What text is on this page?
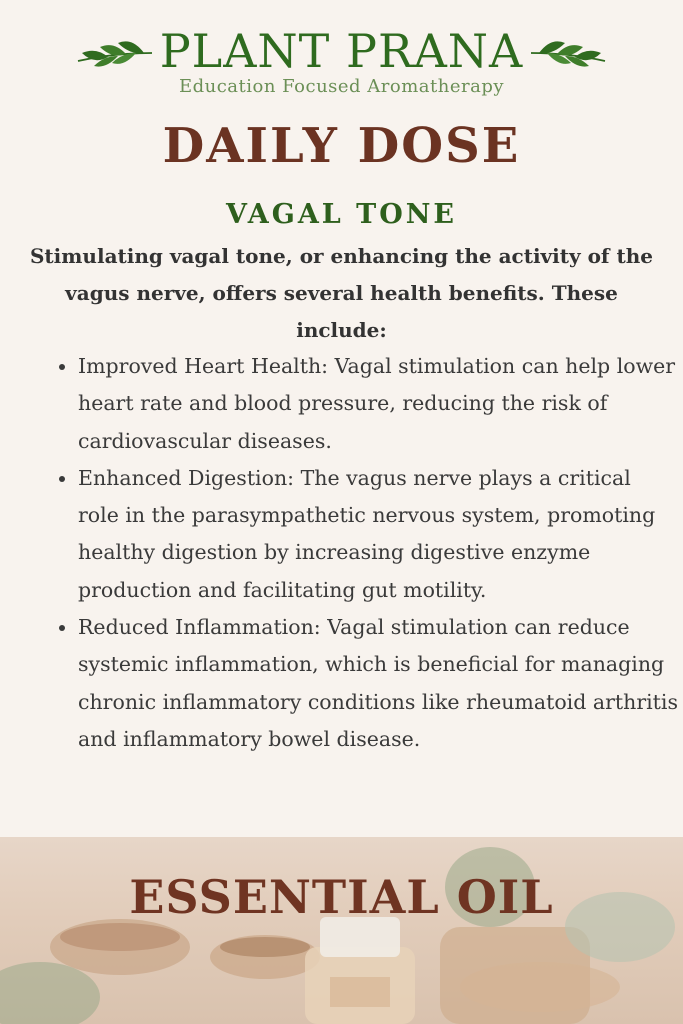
PLANT PRANA
Education Focused Aromatherapy
DAILY DOSE
VAGAL TONE
Stimulating vagal tone, or enhancing the activity of the vagus nerve, offers several health benefits. These include:
• Improved Heart Health: Vagal stimulation can help lower heart rate and blood pressure, reducing the risk of cardiovascular diseases.
• Enhanced Digestion: The vagus nerve plays a critical role in the parasympathetic nervous system, promoting healthy digestion by increasing digestive enzyme production and facilitating gut motility.
• Reduced Inflammation: Vagal stimulation can reduce systemic inflammation, which is beneficial for managing chronic inflammatory conditions like rheumatoid arthritis and inflammatory bowel disease.
ESSENTIAL OIL
